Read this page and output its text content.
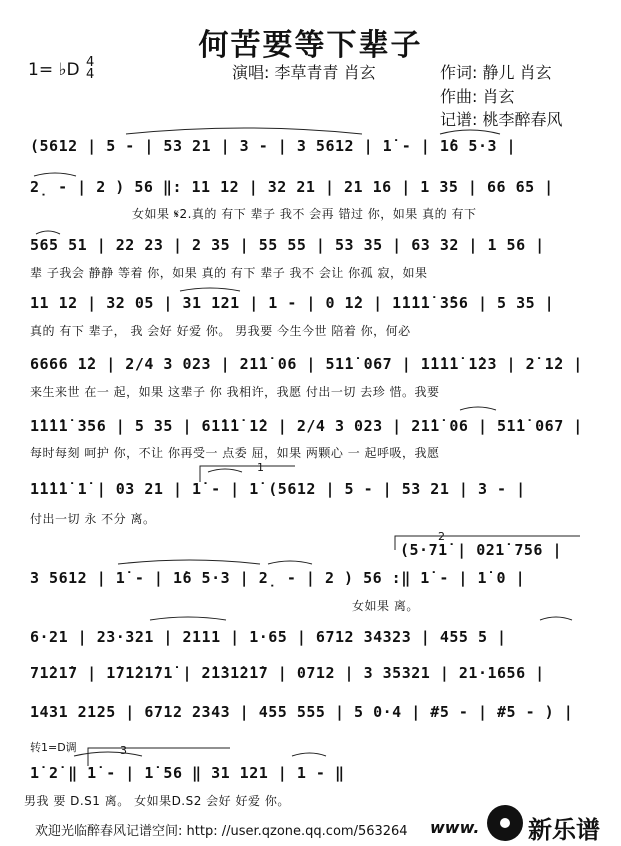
何苦要等下辈子
1= ♭D 4
4	演唱: 李草青青 肖玄	作词: 静儿 肖玄
作曲: 肖玄
记谱: 桃李醉春风
(5612 | 5 - | 53 21 | 3 - | 3 5612 | 1̇ - | 1̇6 5·3 |
2̣ - | 2 ) 56 ‖: 11 12 | 32 21 | 21 16 | 1 35 | 66 65 |
女如果 𝄋2.真的 有下 辈子 我不 会再 错过 你，如果 真的 有下
565 51 | 22 23 | 2 35 | 55 55 | 53 35 | 63 32 | 1 56 |
辈 子我会 静静 等着 你，如果 真的 有下 辈子 我不 会让 你孤 寂，如果
11 12 | 32 05 | 31 121 | 1 - | 0 1̇2 | 1̇1̇1̇1̇ 3̇56 | 5 35 |
真的 有下 辈子， 我 会好 好爱 你。 男我要 今生今世 陪着 你，何必
6666 1̇2 | 2/4 3 023 | 21̇1̇ 06 | 51̇1̇ 067 | 1̇1̇1̇1̇ 1̇23 | 2̇ 1̇2 |
来生来世 在一 起，如果 这辈子 你 我相许，我愿 付出一切 去珍 惜。我要
1̇1̇1̇1̇ 356 | 5 35 | 61̇1̇1̇ 1̇2 | 2/4 3 023 | 21̇1̇ 06 | 51̇1̇ 067 |
每时每刻 呵护 你，不让 你再受一 点委 屈，如果 两颗心 一 起呼吸，我愿
1̇1̇1̇1̇ 1̇ | 03 21 | 1̇ - | 1̇ (5612 | 5 - | 53 21 | 3 - |
付出一切 永 不分 离。
(5·71̇ | 021̇ 756 |
3 5612 | 1̇ - | 1̇6 5·3 | 2̣ - | 2 ) 56 :‖ 1̇ - | 1̇ 0 |
女如果 离。
6·21 | 23·321 | 2111 | 1·65 | 6712 34323 | 455 5 |
71̇21̇7 | 1̇71̇21̇71̇ | 2̇1̇31̇2̇1̇7 | 0712 | 3 35321 | 21·1656 |
1431 2125 | 6712 2343 | 455 555 | 5 0·4 | #5 - | #5 - ) |
转1=D调
1̇ 2̇ ‖ 1̇ - | 1̇ 56 ‖ 31 121 | 1 - ‖
男我 要 D.S1 离。 女如果D.S2 会好 好爱 你。
1
2
3
欢迎光临醉春风记谱空间: http: //user.qzone.qq.com/563264 www. 新乐谱
